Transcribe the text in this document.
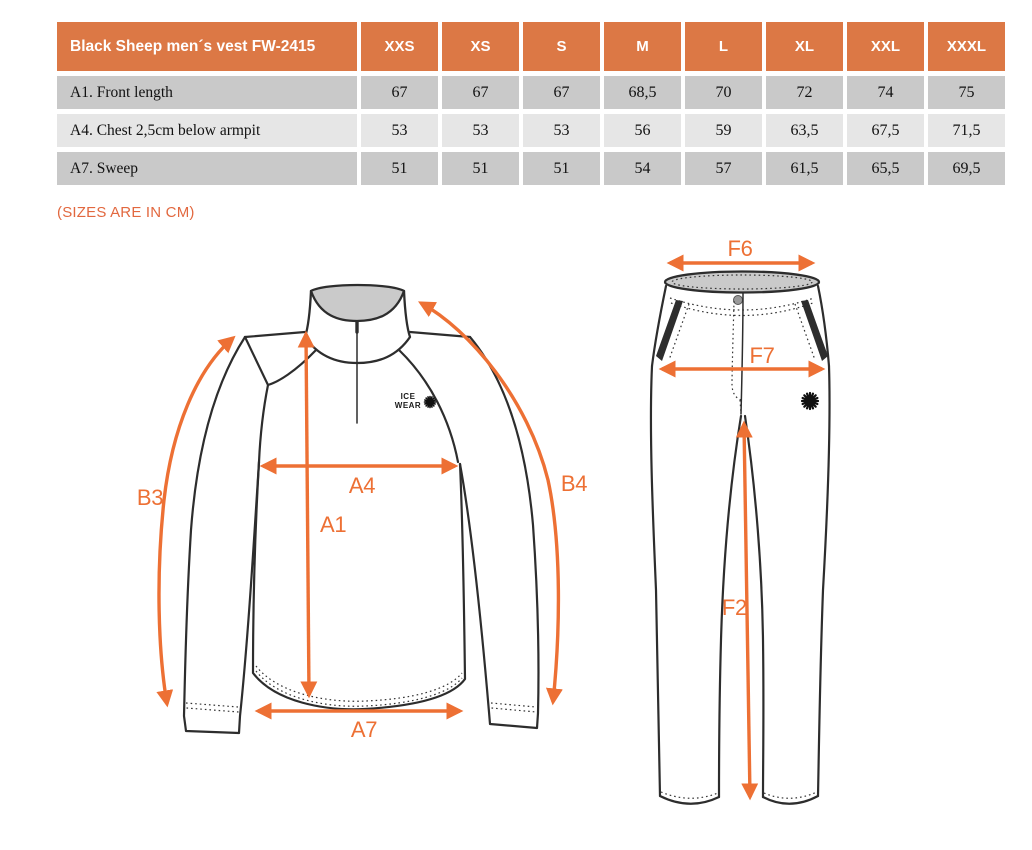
Black Sheep men´s vest FW-2415	XXS	XS	S	M	L	XL	XXL	XXXL
A1. Front length	67	67	67	68,5	70	72	74	75
A4. Chest 2,5cm below armpit	53	53	53	56	59	63,5	67,5	71,5
A7. Sweep	51	51	51	54	57	61,5	65,5	69,5
(SIZES ARE IN CM)
ICE
WEAR
B3
B4
A4
A1
A7
F6
F7
F2
